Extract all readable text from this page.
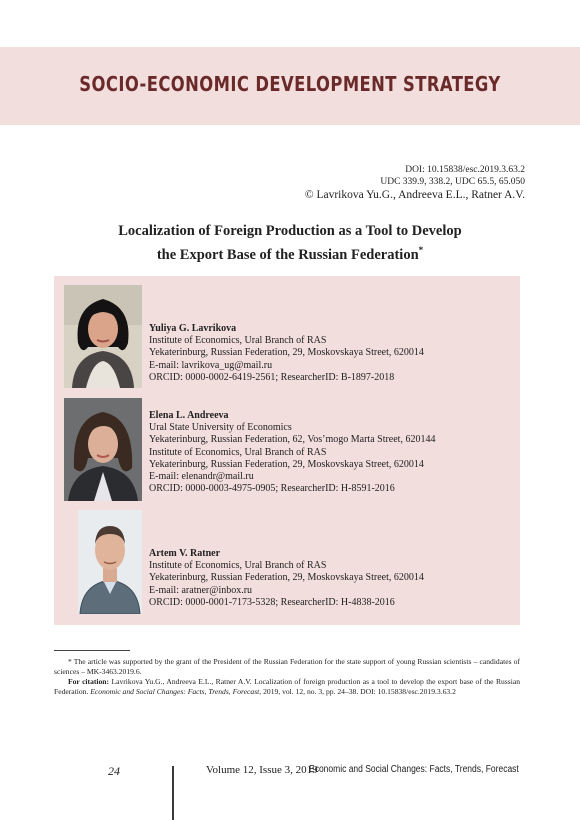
SOCIO-ECONOMIC DEVELOPMENT STRATEGY
DOI: 10.15838/esc.2019.3.63.2
UDC 339.9, 338.2, UDC 65.5, 65.050
© Lavrikova Yu.G., Andreeva E.L., Ratner A.V.
Localization of Foreign Production as a Tool to Develop
the Export Base of the Russian Federation*
Yuliya G. Lavrikova
Institute of Economics, Ural Branch of RAS
Yekaterinburg, Russian Federation, 29, Moskovskaya Street, 620014
E-mail: lavrikova_ug@mail.ru
ORCID: 0000-0002-6419-2561; ResearcherID: B-1897-2018
Elena L. Andreeva
Ural State University of Economics
Yekaterinburg, Russian Federation, 62, Vos’mogo Marta Street, 620144
Institute of Economics, Ural Branch of RAS
Yekaterinburg, Russian Federation, 29, Moskovskaya Street, 620014
E-mail: elenandr@mail.ru
ORCID: 0000-0003-4975-0905; ResearcherID: H-8591-2016
Artem V. Ratner
Institute of Economics, Ural Branch of RAS
Yekaterinburg, Russian Federation, 29, Moskovskaya Street, 620014
E-mail: aratner@inbox.ru
ORCID: 0000-0001-7173-5328; ResearcherID: H-4838-2016

* The article was supported by the grant of the President of the Russian Federation for the state support of young Russian scientists – candidates of sciences – MK-3463.2019.6.

For citation: Lavrikova Yu.G., Andreeva E.L., Ratner A.V. Localization of foreign production as a tool to develop the export base of the Russian Federation. Economic and Social Changes: Facts, Trends, Forecast, 2019, vol. 12, no. 3, pp. 24–38. DOI: 10.15838/esc.2019.3.63.2

24	Volume 12, Issue 3, 2019
Economic and Social Changes: Facts, Trends, Forecast
